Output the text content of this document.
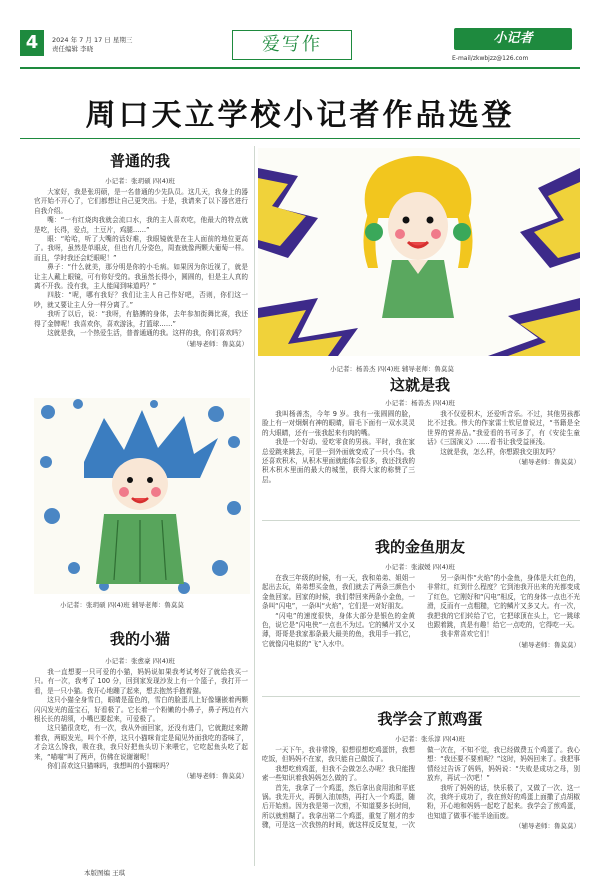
4	2024 年 7 月 17 日 星期三
责任编辑 李晓	爱写作	小记者
E-mail/zkwbjzz@126.com
周口天立学校小记者作品选登
普通的我
小记者：张玥硕 四(4)班

大家好，我是张玥硕，是一名普通的少先队员。这几天，我身上的器官开始不开心了，它们都想让自己更突出。于是，我请来了以下器官进行自我介绍。

嘴：“一有红烧肉我就会流口水，我的主人喜欢吃，他最大的特点就是吃，长得，爱点，土豆片，鸡腿……”

眼：“哈哈，听了大嘴的话好难，我眼镜就是在主人面前的地位更高了。我呀，虽然是单眼皮，但也有几分姿色，周查就像两颗大葡萄一样。而且，学时我还会眨眼呢！”

鼻子：“什么就美，那分明是你的小毛病。如果因为你近视了，就是让主人戴上眼镜，可有你好受的。我虽然长得小，圆圆的，但是主人真的离不开我。没有我，主人能闻到味道吗？”

四肢：“呢，哪有我好？我们让主人自己作好吧，否则，你们这一吵，就又要让主人分一样分离了。”

我听了以后，说：“我呀，有胳膊的身体，去年参加街舞比赛，我还得了金牌呢！我喜欢你，喜欢游泳，打篮球……”

这就是我，一个热爱生活，普普通通的我。这样的我，你们喜欢吗？

（辅导老师：鲁莫莫）
小记者：杨善杰 四(4)班 辅导老师：鲁莫莫
小记者：张玥硕 四(4)班 辅导老师：鲁莫莫
这就是我
小记者：杨善杰 四(4)班

我叫杨善杰，今年 9 岁。我有一张圆圆的脸，脸上有一对炯炯有神的眼睛，眉毛下面有一双水灵灵的大眼睛，还有一张我起来有肉的嘴。

我是一个好动、爱吃零食的男孩。平时，我在家总爱跳来跳去，可是一到外面就变成了一只小鸟。我还喜欢积木，从积木里面就能体会很多，我还找我的积木积木里面的最大的城堡，获得大家的称赞了三层。

我不仅爱积木，还爱听音乐。不过，其他男孩都比不过我。伟大的作家雷士钦尼曾说过，“书籍是全世界的营养品。”我爱看的书可多了，有《安徒生童话》《三国演义》……看书让我受益匪浅。

这就是我，怎么样，你想跟我交朋友吗？

（辅导老师：鲁莫莫）
我的金鱼朋友
小记者：张淑媛 四(4)班

在我三年级的时候，有一天，我和弟弟、姐姐一起出去玩，弟弟想买金鱼，我们就去了两条三颜色小金鱼回家。回家的时候，我们带回来两条小金鱼，一条叫“闪电”，一条叫“火焰”，它们是一对好朋友。

“闪电”的速度很快，身体大部分是银色的金黄色，说它是“闪电侠”一点也不为过。它的鳞片又小又薄，哥哥是我家那条最大最美的鱼，我用手一抓它，它就像闪电似的“飞”入水中。

另一条叫作“火焰”的小金鱼，身体是大红色的，非常红，红到什么程度？它到池我开出来的光都变成了红色，它刚好和“闪电”相反，它的身体一点也不光滑，反而有一点粗糙，它的鳞片又多又大。有一次，我把我的它们转给了它，它把球顶在头上，它一跳球也跟着跳，真是有趣！给它一点吃的，它得吃一天。

我非常喜欢它们！

（辅导老师：鲁莫莫）
我的小猫
小记者：张愈豪 四(4)班

我一直想要一只可爱的小猫，妈妈说如果我考试考好了就给我买一只。有一次，我考了 100 分，回到家发现沙发上有一个篮子，我打开一看，是一只小猫。我开心地蹦了起来，想去抱然手抱着猫。

这只小猫全身雪白，眼睛是蓝色的，雪白的脸蛋儿上好像镶嵌着两颗闪闪发光的蓝宝石，好看极了。它长着一个粉嫩的小鼻子，鼻子两边有六根长长的胡须，小嘴巴要起来，可爱极了。

这只猫很贪吃，有一次，我从外面回家，还没有进门，它就跑过来蹭着我，两眼发光，叫个不停，这只小猫咪肯定是闻见外面我吃的香味了，才会这么馋我，吸在我，我只好把鱼头切下来喂它，它吃起鱼头吃了起来，“喵喵”叫了两声，仿佛在说谢谢呢！

你们喜欢这只猫咪吗，我想叫的小猫咪吗？

（辅导老师：鲁莫莫）
我学会了煎鸡蛋
小记者：张乐淳 四(4)班

一天下午，我非常馋，很想很想吃鸡蛋饼，我想吃饭，但妈妈不在家，我只能自己做饭了。

我想吃煎鸡蛋，但我不会做怎么办呢？我只能搜索一些知识着我妈妈怎么做的了。

首先，我拿了一个鸡蛋，然后拿出食用油和平底锅。我先开火，再倒入油加热，再打入一个鸡蛋，随后开始煎。因为我是第一次煎，不知道要多长时间，所以就煎糊了。我拿出第二个鸡蛋，重复了刚才的步骤，可是这一次我热的时间，就这样反反复复，一次做一次在，不知不觉，我已经做费五个鸡蛋了。我心想：“我还要不要煎呢？”这时，妈妈回来了。我把事情经过告诉了妈妈，妈妈说：“失败是成功之母，别放弃，再试一次吧！”

我听了妈妈的话，快乐极了，又做了一次、这一次，我终于成功了，我在煎好的鸡蛋上面撒了点胡椒粉，开心地和妈妈一起吃了起来。我学会了煎鸡蛋，也知道了做事不能半途而废。

（辅导老师：鲁莫莫）
本版图编 王琪
